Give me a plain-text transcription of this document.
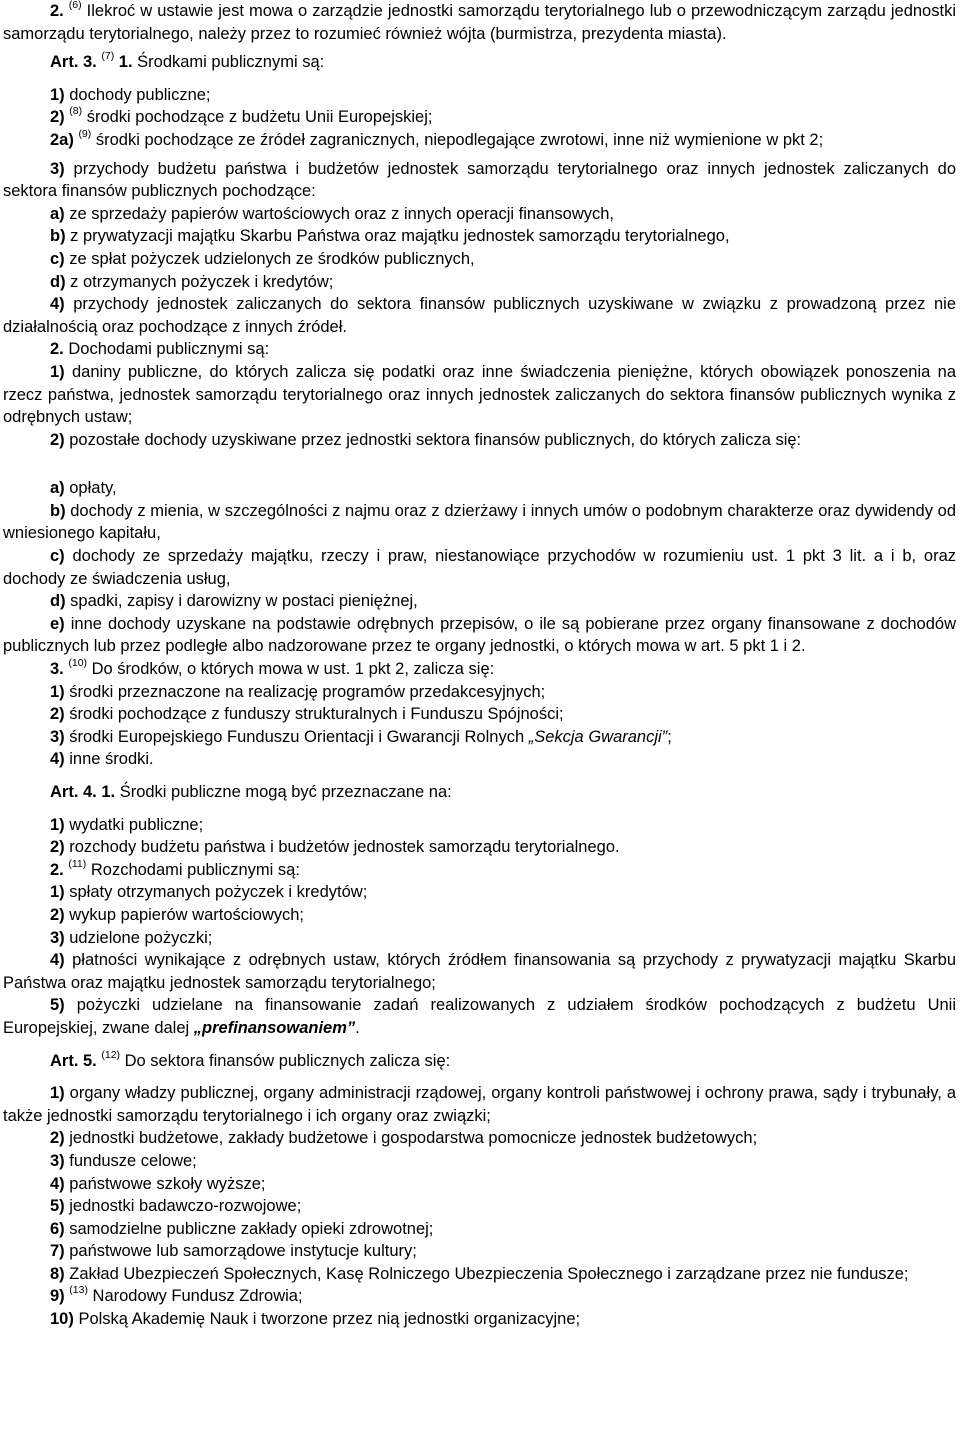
2. $^{(6)}$ Ilekroć w ustawie jest mowa o zarządzie jednostki samorządu terytorialnego lub o przewodniczącym zarządu jednostki samorządu terytorialnego, należy przez to rozumieć również wójta (burmistrza, prezydenta miasta).

Art. 3. $^{(7)}$ 1. Środkami publicznymi są:

1) dochody publiczne;

2) $^{(8)}$ środki pochodzące z budżetu Unii Europejskiej;

2a) $^{(9)}$ środki pochodzące ze źródeł zagranicznych, niepodlegające zwrotowi, inne niż wymienione w pkt 2;

3) przychody budżetu państwa i budżetów jednostek samorządu terytorialnego oraz innych jednostek zaliczanych do sektora finansów publicznych pochodzące:

a) ze sprzedaży papierów wartościowych oraz z innych operacji finansowych,

b) z prywatyzacji majątku Skarbu Państwa oraz majątku jednostek samorządu terytorialnego,

c) ze spłat pożyczek udzielonych ze środków publicznych,

d) z otrzymanych pożyczek i kredytów;

4) przychody jednostek zaliczanych do sektora finansów publicznych uzyskiwane w związku z prowadzoną przez nie działalnością oraz pochodzące z innych źródeł.

2. Dochodami publicznymi są:

1) daniny publiczne, do których zalicza się podatki oraz inne świadczenia pieniężne, których obowiązek ponoszenia na rzecz państwa, jednostek samorządu terytorialnego oraz innych jednostek zaliczanych do sektora finansów publicznych wynika z odrębnych ustaw;

2) pozostałe dochody uzyskiwane przez jednostki sektora finansów publicznych, do których zalicza się:

a) opłaty,

b) dochody z mienia, w szczególności z najmu oraz z dzierżawy i innych umów o podobnym charakterze oraz dywidendy od wniesionego kapitału,

c) dochody ze sprzedaży majątku, rzeczy i praw, niestanowiące przychodów w rozumieniu ust. 1 pkt 3 lit. a i b, oraz dochody ze świadczenia usług,

d) spadki, zapisy i darowizny w postaci pieniężnej,

e) inne dochody uzyskane na podstawie odrębnych przepisów, o ile są pobierane przez organy finansowane z dochodów publicznych lub przez podległe albo nadzorowane przez te organy jednostki, o których mowa w art. 5 pkt 1 i 2.

3. $^{(10)}$ Do środków, o których mowa w ust. 1 pkt 2, zalicza się:

1) środki przeznaczone na realizację programów przedakcesyjnych;

2) środki pochodzące z funduszy strukturalnych i Funduszu Spójności;

3) środki Europejskiego Funduszu Orientacji i Gwarancji Rolnych „Sekcja Gwarancji”;

4) inne środki.

Art. 4. 1. Środki publiczne mogą być przeznaczane na:

1) wydatki publiczne;

2) rozchody budżetu państwa i budżetów jednostek samorządu terytorialnego.

2. $^{(11)}$ Rozchodami publicznymi są:

1) spłaty otrzymanych pożyczek i kredytów;

2) wykup papierów wartościowych;

3) udzielone pożyczki;

4) płatności wynikające z odrębnych ustaw, których źródłem finansowania są przychody z prywatyzacji majątku Skarbu Państwa oraz majątku jednostek samorządu terytorialnego;

5) pożyczki udzielane na finansowanie zadań realizowanych z udziałem środków pochodzących z budżetu Unii Europejskiej, zwane dalej „prefinansowaniem”.

Art. 5. $^{(12)}$ Do sektora finansów publicznych zalicza się:

1) organy władzy publicznej, organy administracji rządowej, organy kontroli państwowej i ochrony prawa, sądy i trybunały, a także jednostki samorządu terytorialnego i ich organy oraz związki;

2) jednostki budżetowe, zakłady budżetowe i gospodarstwa pomocnicze jednostek budżetowych;

3) fundusze celowe;

4) państwowe szkoły wyższe;

5) jednostki badawczo-rozwojowe;

6) samodzielne publiczne zakłady opieki zdrowotnej;

7) państwowe lub samorządowe instytucje kultury;

8) Zakład Ubezpieczeń Społecznych, Kasę Rolniczego Ubezpieczenia Społecznego i zarządzane przez nie fundusze;

9) $^{(13)}$ Narodowy Fundusz Zdrowia;

10) Polską Akademię Nauk i tworzone przez nią jednostki organizacyjne;
